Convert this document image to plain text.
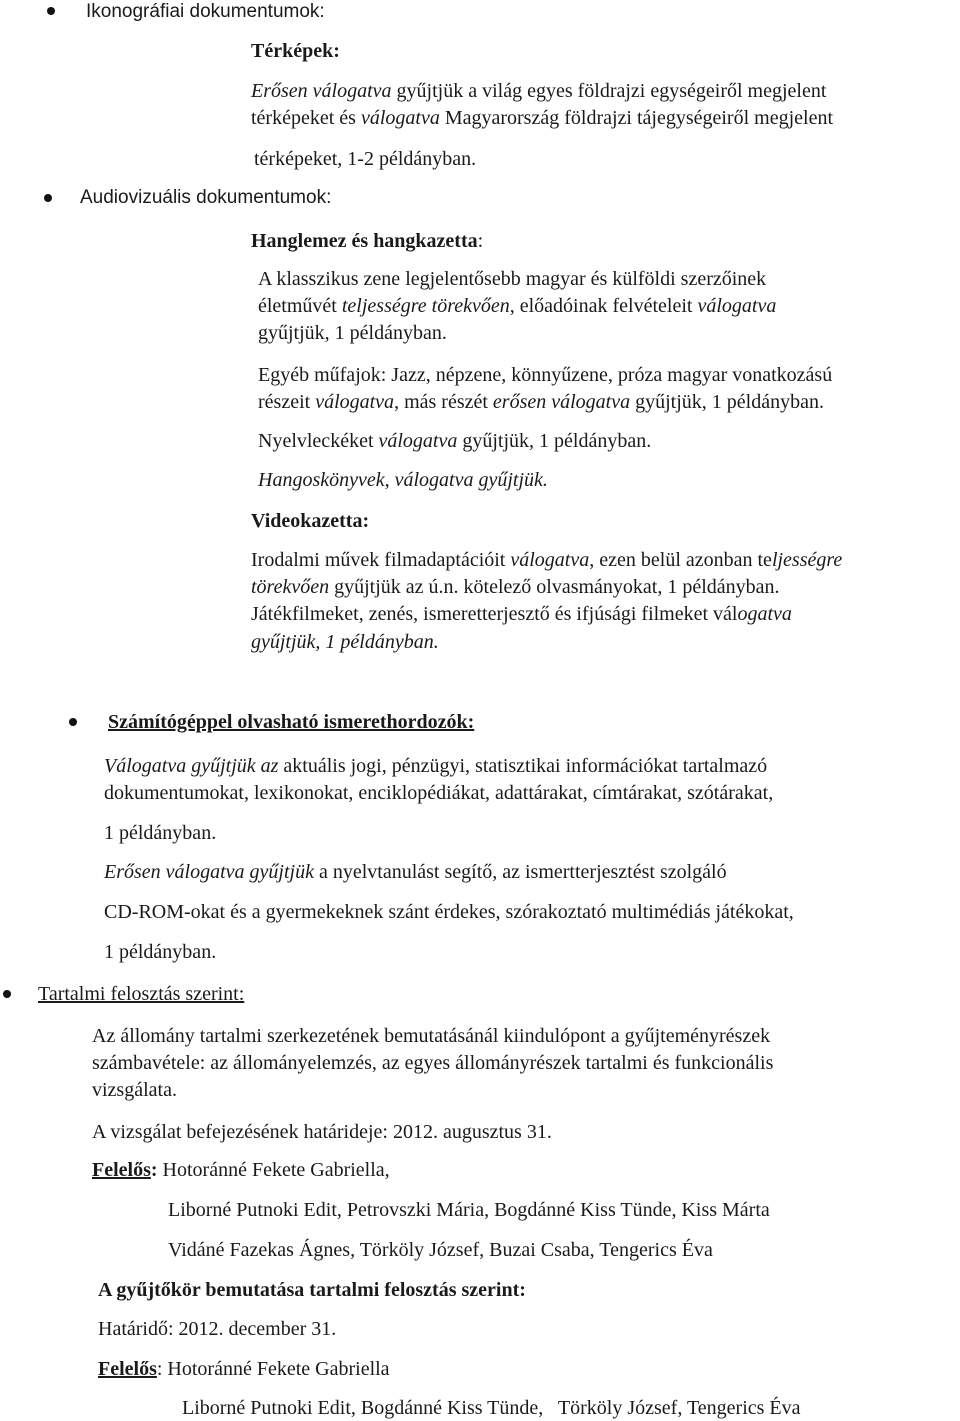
Ikonográfiai dokumentumok:
Térképek:
Erősen válogatva gyűjtjük a világ egyes földrajzi egységeiről megjelent
térképeket és válogatva Magyarország földrajzi tájegységeiről megjelent
térképeket, 1-2 példányban.
Audiovizuális dokumentumok:
Hanglemez és hangkazetta:
A klasszikus zene legjelentősebb magyar és külföldi szerzőinek
életművét teljességre törekvően, előadóinak felvételeit válogatva
gyűjtjük, 1 példányban.
Egyéb műfajok: Jazz, népzene, könnyűzene, próza magyar vonatkozású
részeit válogatva, más részét erősen válogatva gyűjtjük, 1 példányban.
Nyelvleckéket válogatva gyűjtjük, 1 példányban.
Hangoskönyvek, válogatva gyűjtjük.
Videokazetta:
Irodalmi művek filmadaptációit válogatva, ezen belül azonban teljességre
törekvően gyűjtjük az ú.n. kötelező olvasmányokat, 1 példányban.
Játékfilmeket, zenés, ismeretterjesztő és ifjúsági filmeket válogatva
gyűjtjük, 1 példányban.
Számítógéppel olvasható ismerethordozók:
Válogatva gyűjtjük az aktuális jogi, pénzügyi, statisztikai információkat tartalmazó
dokumentumokat, lexikonokat, enciklopédiákat, adattárakat, címtárakat, szótárakat,
1 példányban.
Erősen válogatva gyűjtjük a nyelvtanulást segítő, az ismertterjesztést szolgáló
CD-ROM-okat és a gyermekeknek szánt érdekes, szórakoztató multimédiás játékokat,
1 példányban.
Tartalmi felosztás szerint:
Az állomány tartalmi szerkezetének bemutatásánál kiindulópont a gyűjteményrészek
számbavétele: az állományelemzés, az egyes állományrészek tartalmi és funkcionális
vizsgálata.
A vizsgálat befejezésének határideje: 2012. augusztus 31.
Felelős: Hotoránné Fekete Gabriella,
Liborné Putnoki Edit, Petrovszki Mária, Bogdánné Kiss Tünde, Kiss Márta
Vidáné Fazekas Ágnes, Törköly József, Buzai Csaba, Tengerics Éva
A gyűjtőkör bemutatása tartalmi felosztás szerint:
Határidő: 2012. december 31.
Felelős: Hotoránné Fekete Gabriella
Liborné Putnoki Edit, Bogdánné Kiss Tünde,   Törköly József, Tengerics Éva
